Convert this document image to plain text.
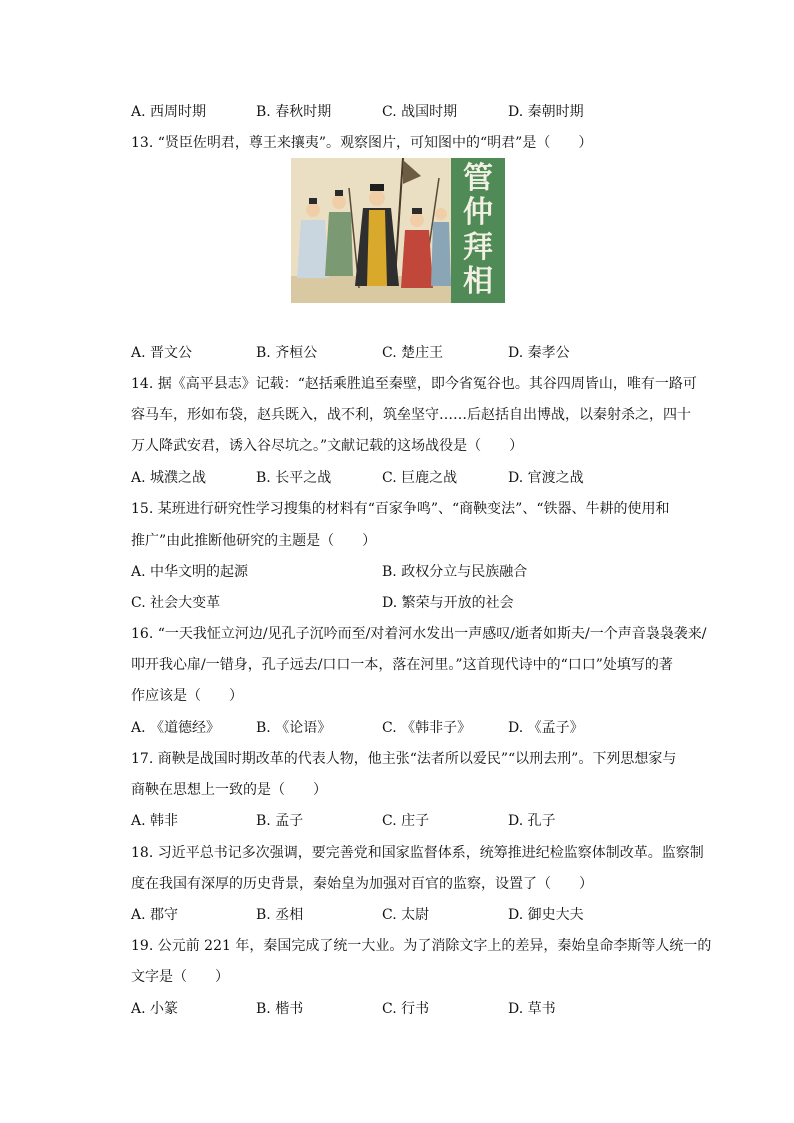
A. 西周时期	B. 春秋时期	C. 战国时期	D. 秦朝时期
13. “贤臣佐明君，尊王来攘夷”。观察图片，可知图中的“明君”是（　　）
管
仲
拜
相
A. 晋文公	B. 齐桓公	C. 楚庄王	D. 秦孝公
14. 据《高平县志》记载：“赵括乘胜追至秦壁，即今省冤谷也。其谷四周皆山，唯有一路可
容马车，形如布袋，赵兵既入，战不利，筑垒坚守……后赵括自出博战，以秦射杀之，四十
万人降武安君，诱入谷尽坑之。”文献记载的这场战役是（　　）
A. 城濮之战	B. 长平之战	C. 巨鹿之战	D. 官渡之战
15. 某班进行研究性学习搜集的材料有“百家争鸣”、“商鞅变法”、“铁器、牛耕的使用和
推广”由此推断他研究的主题是（　　）
A. 中华文明的起源	B. 政权分立与民族融合
C. 社会大变革	D. 繁荣与开放的社会
16. “一天我怔立河边/见孔子沉吟而至/对着河水发出一声感叹/逝者如斯夫/一个声音袅袅袭来/
叩开我心扉/一错身，孔子远去/口口一本，落在河里。”这首现代诗中的“口口”处填写的著
作应该是（　　）
A. 《道德经》	B. 《论语》	C. 《韩非子》	D. 《孟子》
17. 商鞅是战国时期改革的代表人物，他主张“法者所以爱民”“以刑去刑”。下列思想家与
商鞅在思想上一致的是（　　）
A. 韩非	B. 孟子	C. 庄子	D. 孔子
18. 习近平总书记多次强调，要完善党和国家监督体系，统筹推进纪检监察体制改革。监察制
度在我国有深厚的历史背景，秦始皇为加强对百官的监察，设置了（　　）
A. 郡守	B. 丞相	C. 太尉	D. 御史大夫
19. 公元前 221 年，秦国完成了统一大业。为了消除文字上的差异，秦始皇命李斯等人统一的
文字是（　　）
A. 小篆	B. 楷书	C. 行书	D. 草书
